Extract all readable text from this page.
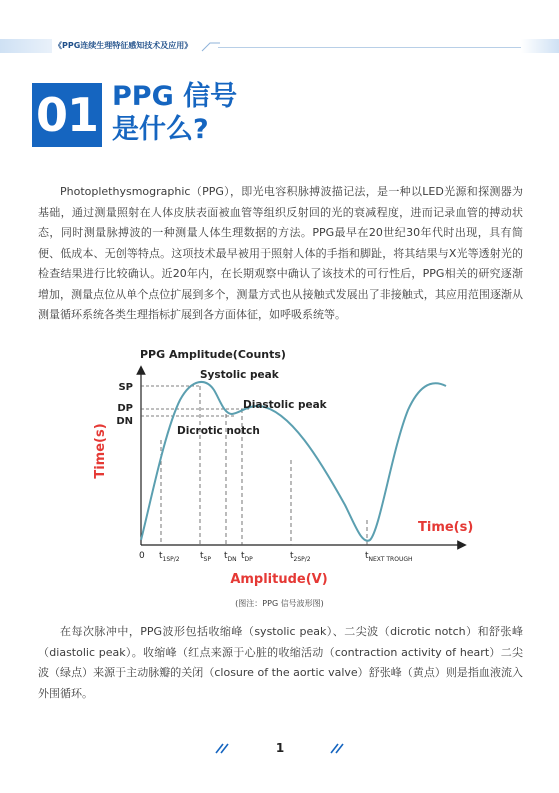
《PPG连续生理特征感知技术及应用》
01 PPG 信号
是什么?

Photoplethysmographic（PPG），即光电容积脉搏波描记法，是一种以LED光源和探测器为基础，通过测量照射在人体皮肤表面被血管等组织反射回的光的衰减程度，进而记录血管的搏动状态，同时测量脉搏波的一种测量人体生理数据的方法。PPG最早在20世纪30年代时出现，具有简便、低成本、无创等特点。这项技术最早被用于照射人体的手指和脚趾，将其结果与X光等透射光的检查结果进行比较确认。近20年内，在长期观察中确认了该技术的可行性后，PPG相关的研究逐渐增加，测量点位从单个点位扩展到多个，测量方式也从接触式发展出了非接触式，其应用范围逐渐从测量循环系统各类生理指标扩展到各方面体征，如呼吸系统等。

SP
DP
DN
PPG Amplitude(Counts)
Systolic peak
Diastolic peak
Dicrotic notch
Time(s)
Time(s)
Amplitude(V)
0 $t_{1SP/2}$ $t_{SP}$ $t_{DN}$ $t_{DP}$	$t_{2SP/2}$	$t_{NEXT TROUGH}$
(图注：PPG 信号波形图)

在每次脉冲中，PPG波形包括收缩峰（systolic peak）、二尖波（dicrotic notch）和舒张峰（diastolic peak）。收缩峰（红点来源于心脏的收缩活动（contraction activity of heart）二尖波（绿点）来源于主动脉瓣的关闭（closure of the aortic valve）舒张峰（黄点）则是指血液流入外围循环。

1
